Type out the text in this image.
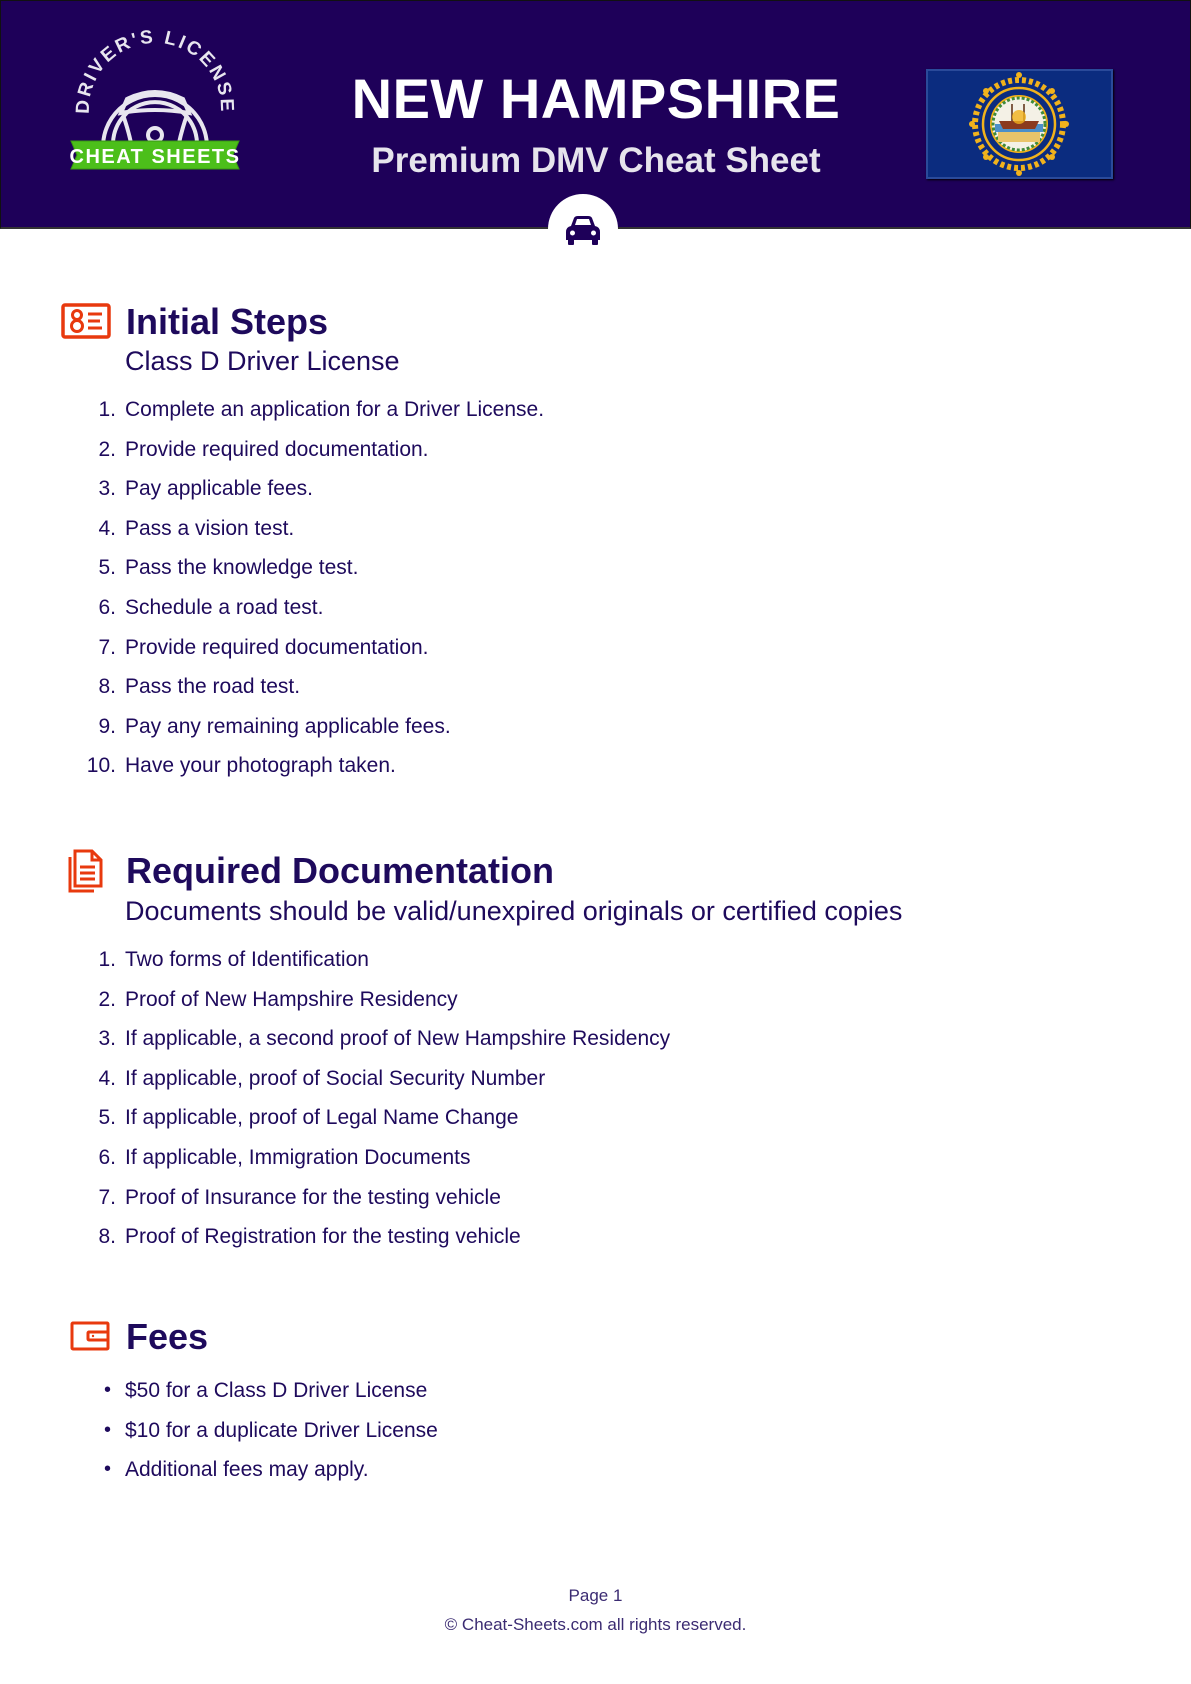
DRIVER'S LICENSE
CHEAT SHEETS
NEW HAMPSHIRE
Premium DMV Cheat Sheet
Initial Steps
Class D Driver License
1. Complete an application for a Driver License.
2. Provide required documentation.
3. Pay applicable fees.
4. Pass a vision test.
5. Pass the knowledge test.
6. Schedule a road test.
7. Provide required documentation.
8. Pass the road test.
9. Pay any remaining applicable fees.
10. Have your photograph taken.
Required Documentation
Documents should be valid/unexpired originals or certified copies
1. Two forms of Identification
2. Proof of New Hampshire Residency
3. If applicable, a second proof of New Hampshire Residency
4. If applicable, proof of Social Security Number
5. If applicable, proof of Legal Name Change
6. If applicable, Immigration Documents
7. Proof of Insurance for the testing vehicle
8. Proof of Registration for the testing vehicle
Fees
• $50 for a Class D Driver License
• $10 for a duplicate Driver License
• Additional fees may apply.
Page 1
© Cheat-Sheets.com all rights reserved.
